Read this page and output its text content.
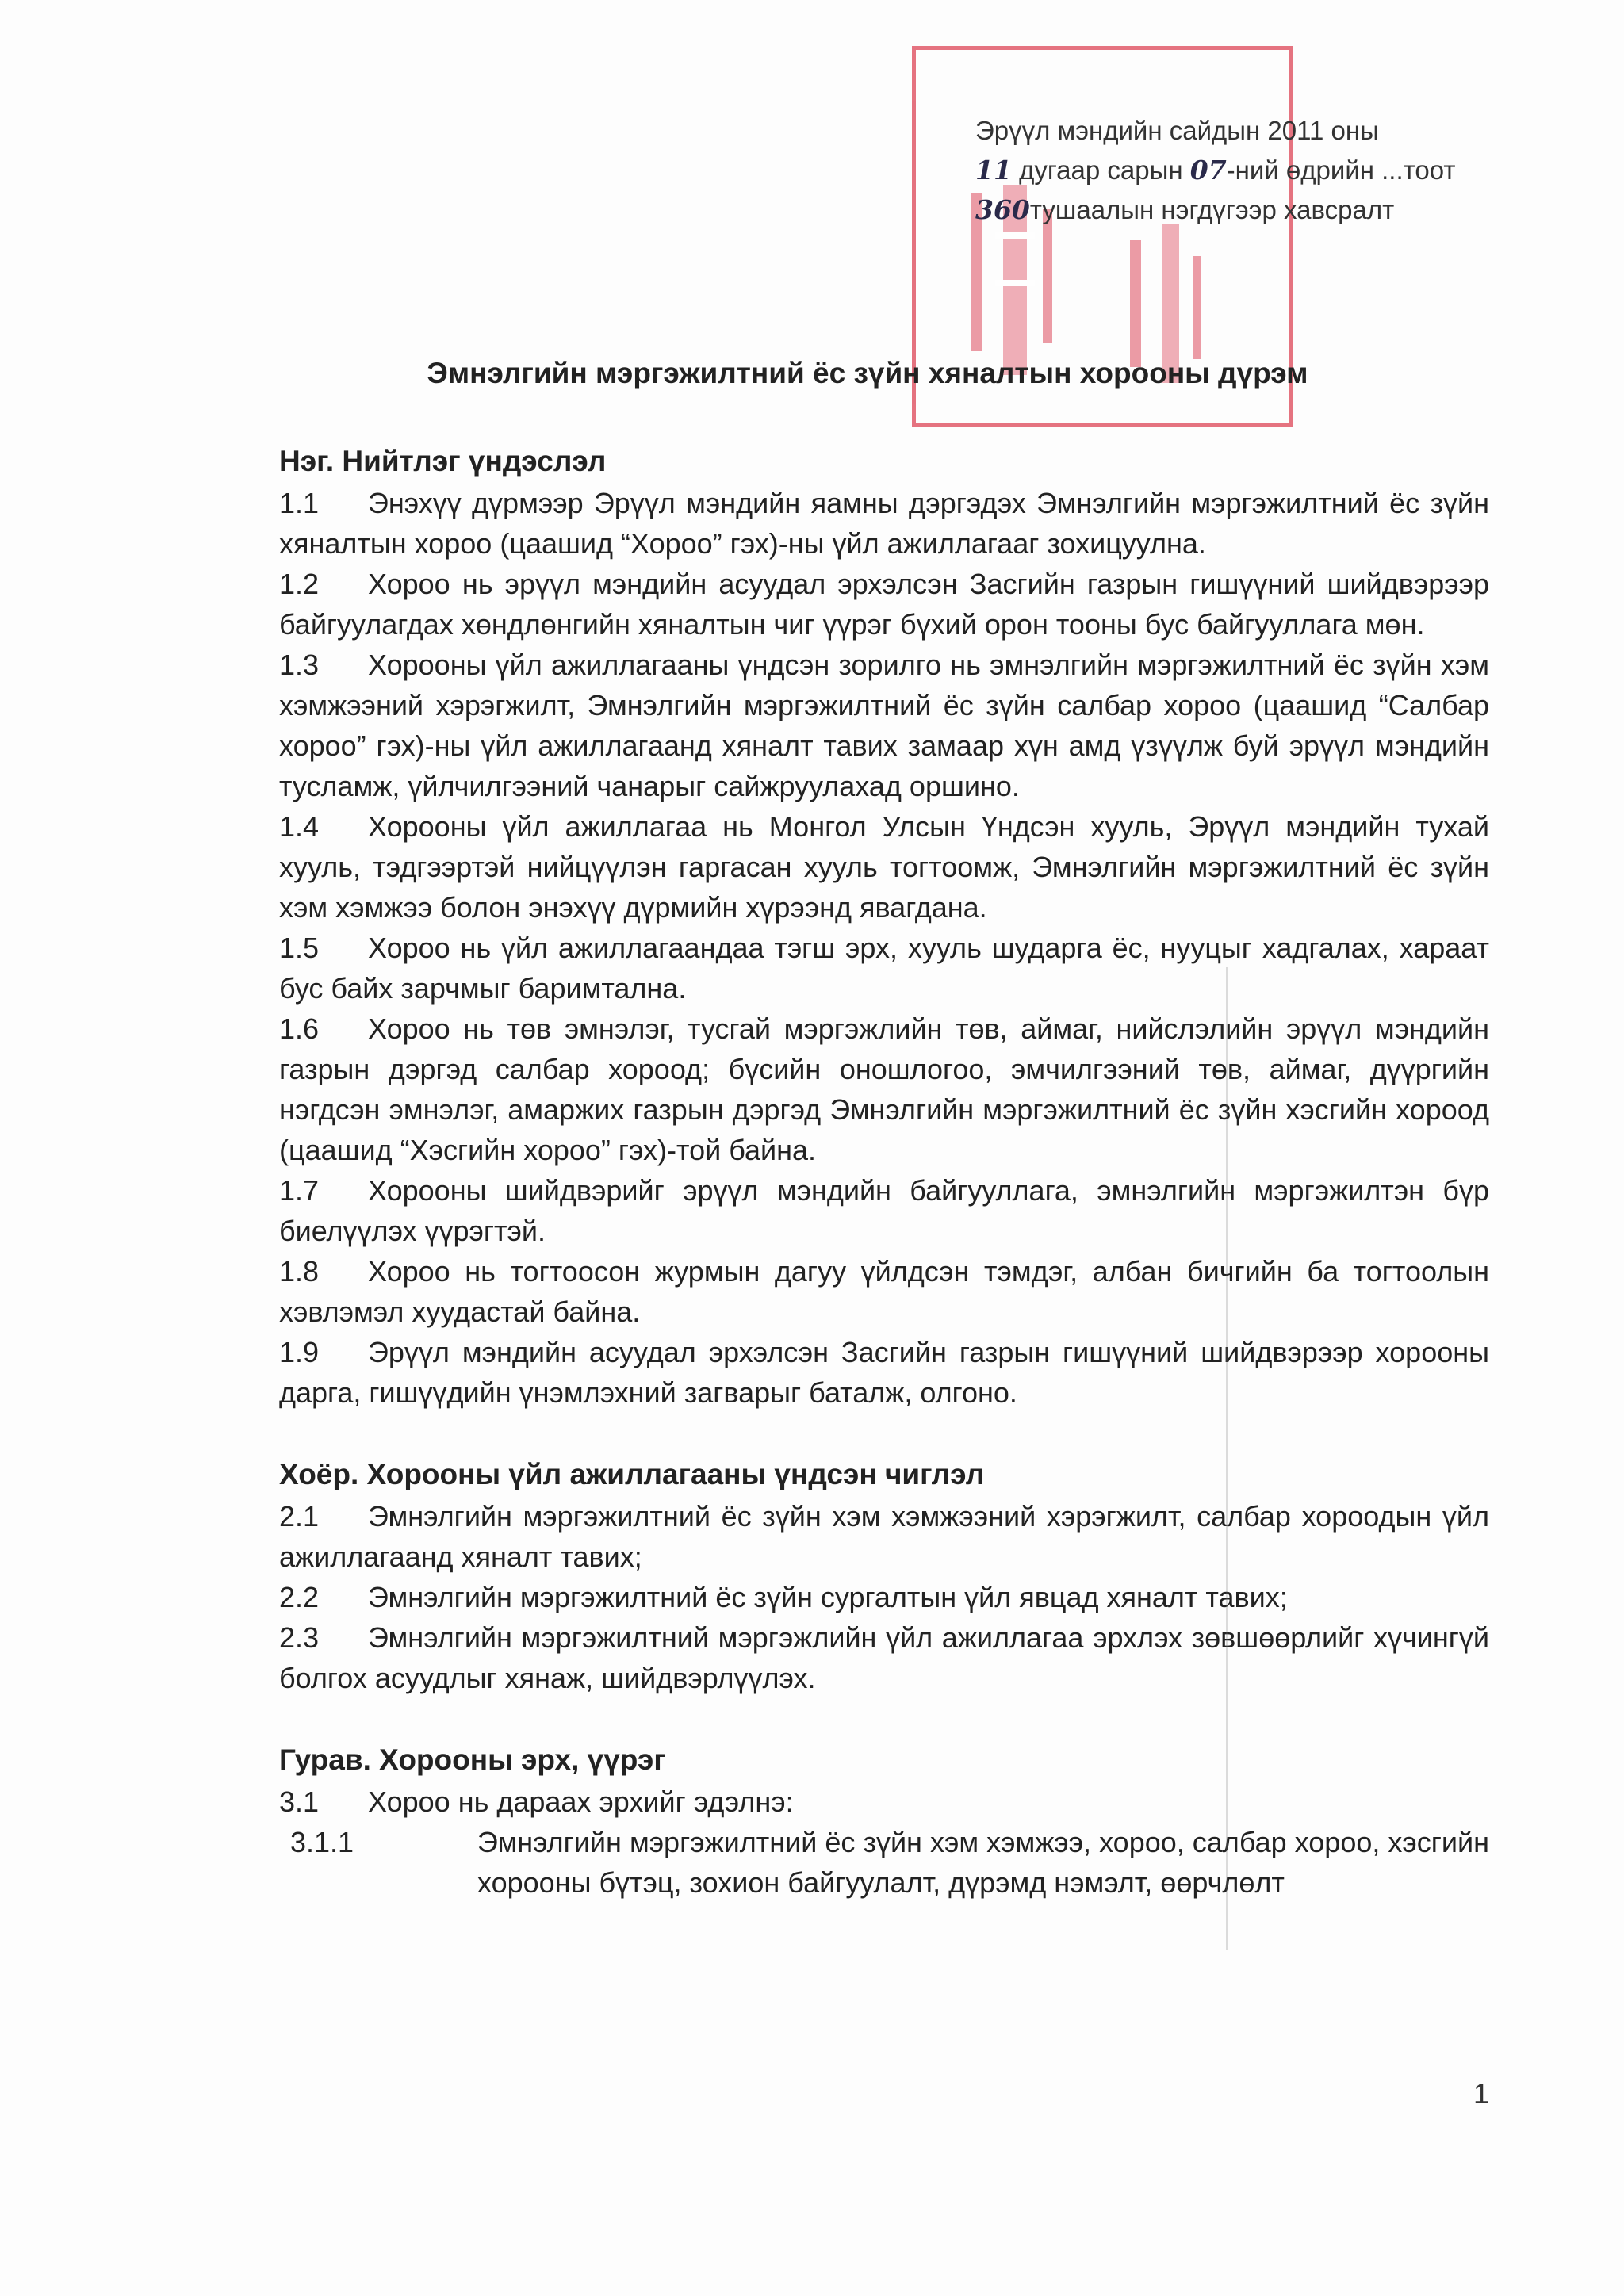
Эрүүл мэндийн сайдын 2011 оны
11 дугаар сарын 07-ний өдрийн ...тоот
360тушаалын нэгдүгээр хавсралт
Эмнэлгийн мэргэжилтний ёс зүйн хяналтын хорооны дүрэм
Нэг. Нийтлэг үндэслэл
1.1 Энэхүү дүрмээр Эрүүл мэндийн яамны дэргэдэх Эмнэлгийн мэргэжилтний ёс зүйн хяналтын хороо (цаашид “Хороо” гэх)-ны үйл ажиллагааг зохицуулна.
1.2 Хороо нь эрүүл мэндийн асуудал эрхэлсэн Засгийн газрын гишүүний шийдвэрээр байгуулагдах хөндлөнгийн хяналтын чиг үүрэг бүхий орон тооны бус байгууллага мөн.
1.3 Хорооны үйл ажиллагааны үндсэн зорилго нь эмнэлгийн мэргэжилтний ёс зүйн хэм хэмжээний хэрэгжилт, Эмнэлгийн мэргэжилтний ёс зүйн салбар хороо (цаашид “Салбар хороо” гэх)-ны үйл ажиллагаанд хяналт тавих замаар хүн амд үзүүлж буй эрүүл мэндийн тусламж, үйлчилгээний чанарыг сайжруулахад оршино.
1.4 Хорооны үйл ажиллагаа нь Монгол Улсын Үндсэн хууль, Эрүүл мэндийн тухай хууль, тэдгээртэй нийцүүлэн гаргасан хууль тогтоомж, Эмнэлгийн мэргэжилтний ёс зүйн хэм хэмжээ болон энэхүү дүрмийн хүрээнд явагдана.
1.5 Хороо нь үйл ажиллагаандаа тэгш эрх, хууль шударга ёс, нууцыг хадгалах, хараат бус байх зарчмыг баримтална.
1.6 Хороо нь төв эмнэлэг, тусгай мэргэжлийн төв, аймаг, нийслэлийн эрүүл мэндийн газрын дэргэд салбар хороод; бүсийн оношлогоо, эмчилгээний төв, аймаг, дүүргийн нэгдсэн эмнэлэг, амаржих газрын дэргэд Эмнэлгийн мэргэжилтний ёс зүйн хэсгийн хороод (цаашид “Хэсгийн хороо” гэх)-той байна.
1.7 Хорооны шийдвэрийг эрүүл мэндийн байгууллага, эмнэлгийн мэргэжилтэн бүр биелүүлэх үүрэгтэй.
1.8 Хороо нь тогтоосон журмын дагуу үйлдсэн тэмдэг, албан бичгийн ба тогтоолын хэвлэмэл хуудастай байна.
1.9 Эрүүл мэндийн асуудал эрхэлсэн Засгийн газрын гишүүний шийдвэрээр хорооны дарга, гишүүдийн үнэмлэхний загварыг баталж, олгоно.
Хоёр. Хорооны үйл ажиллагааны үндсэн чиглэл
2.1 Эмнэлгийн мэргэжилтний ёс зүйн хэм хэмжээний хэрэгжилт, салбар хороодын үйл ажиллагаанд хяналт тавих;
2.2 Эмнэлгийн мэргэжилтний ёс зүйн сургалтын үйл явцад хяналт тавих;
2.3 Эмнэлгийн мэргэжилтний мэргэжлийн үйл ажиллагаа эрхлэх зөвшөөрлийг хүчингүй болгох асуудлыг хянаж, шийдвэрлүүлэх.
Гурав. Хорооны эрх, үүрэг
3.1 Хороо нь дараах эрхийг эдэлнэ:
3.1.1	Эмнэлгийн мэргэжилтний ёс зүйн хэм хэмжээ, хороо, салбар хороо, хэсгийн хорооны бүтэц, зохион байгуулалт, дүрэмд нэмэлт, өөрчлөлт
1
